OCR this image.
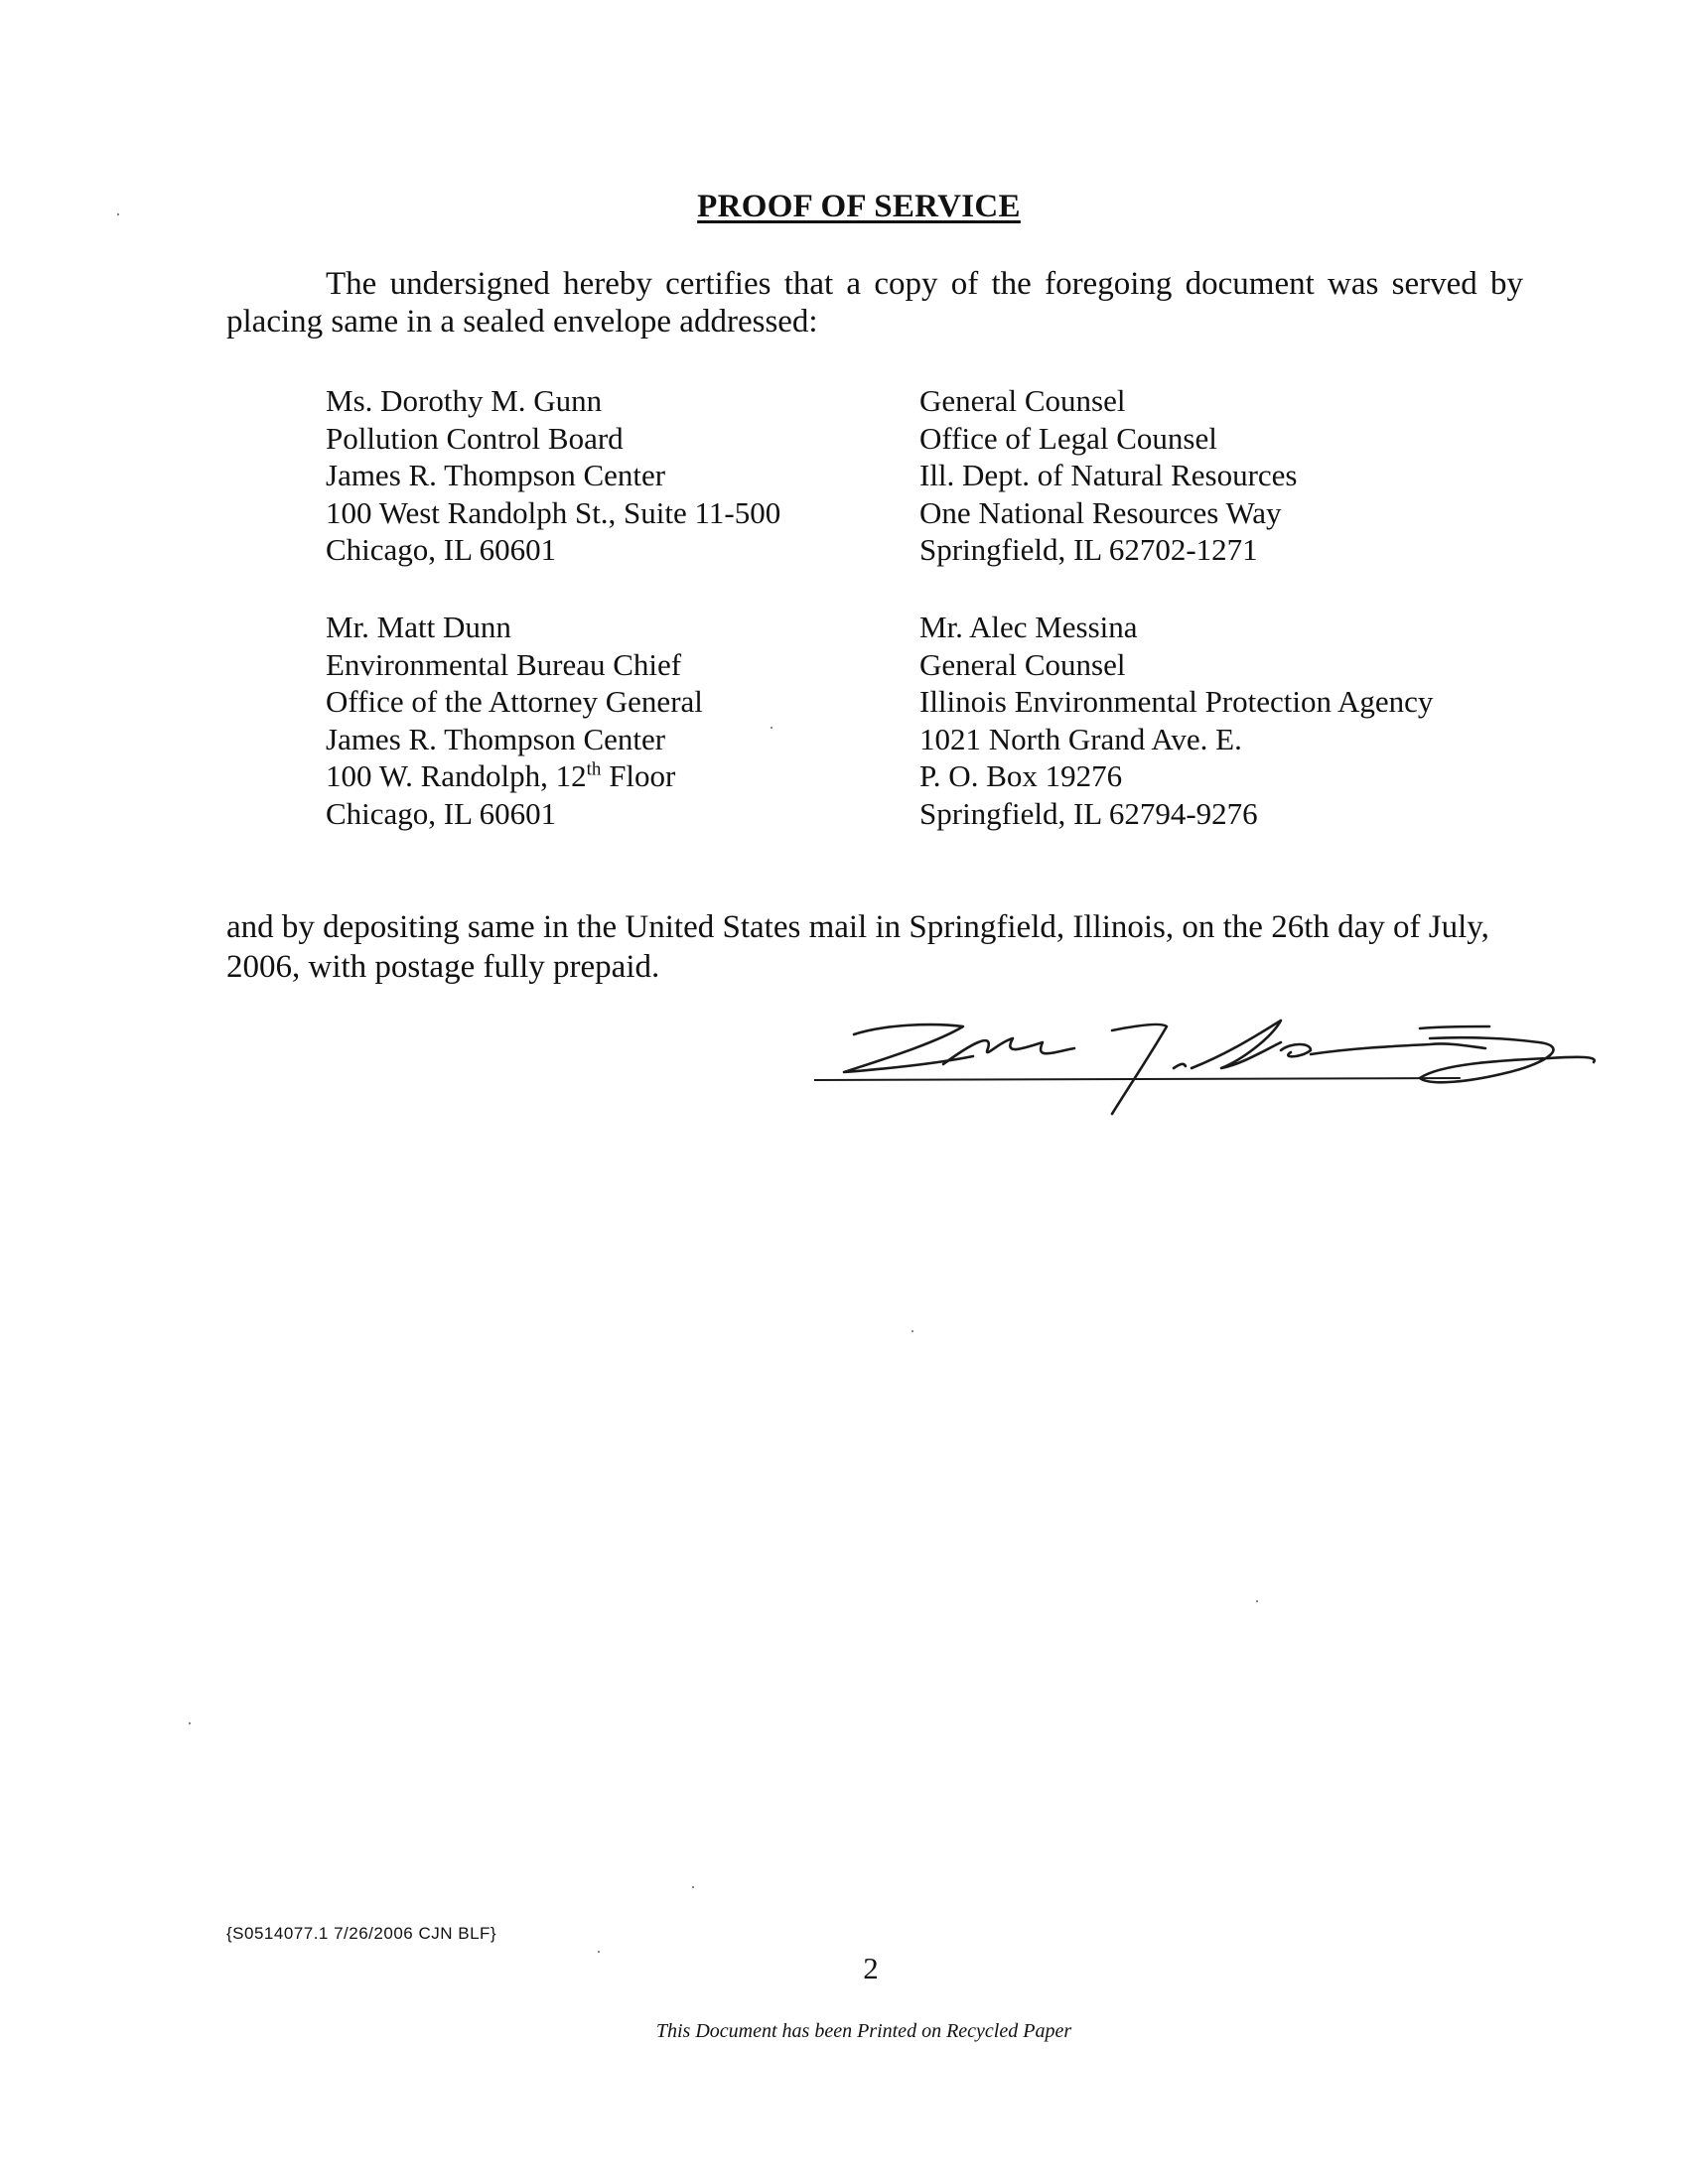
PROOF OF SERVICE

The undersigned hereby certifies that a copy of the foregoing document was served by placing same in a sealed envelope addressed:

Ms. Dorothy M. Gunn
Pollution Control Board
James R. Thompson Center
100 West Randolph St., Suite 11-500
Chicago, IL 60601
General Counsel
Office of Legal Counsel
Ill. Dept. of Natural Resources
One National Resources Way
Springfield, IL 62702-1271
Mr. Matt Dunn
Environmental Bureau Chief
Office of the Attorney General
James R. Thompson Center
100 W. Randolph, 12th Floor
Chicago, IL 60601
Mr. Alec Messina
General Counsel
Illinois Environmental Protection Agency
1021 North Grand Ave. E.
P. O. Box 19276
Springfield, IL 62794-9276

and by depositing same in the United States mail in Springfield, Illinois, on the 26th day of July, 2006, with postage fully prepaid.

{S0514077.1 7/26/2006 CJN BLF}
2
This Document has been Printed on Recycled Paper
